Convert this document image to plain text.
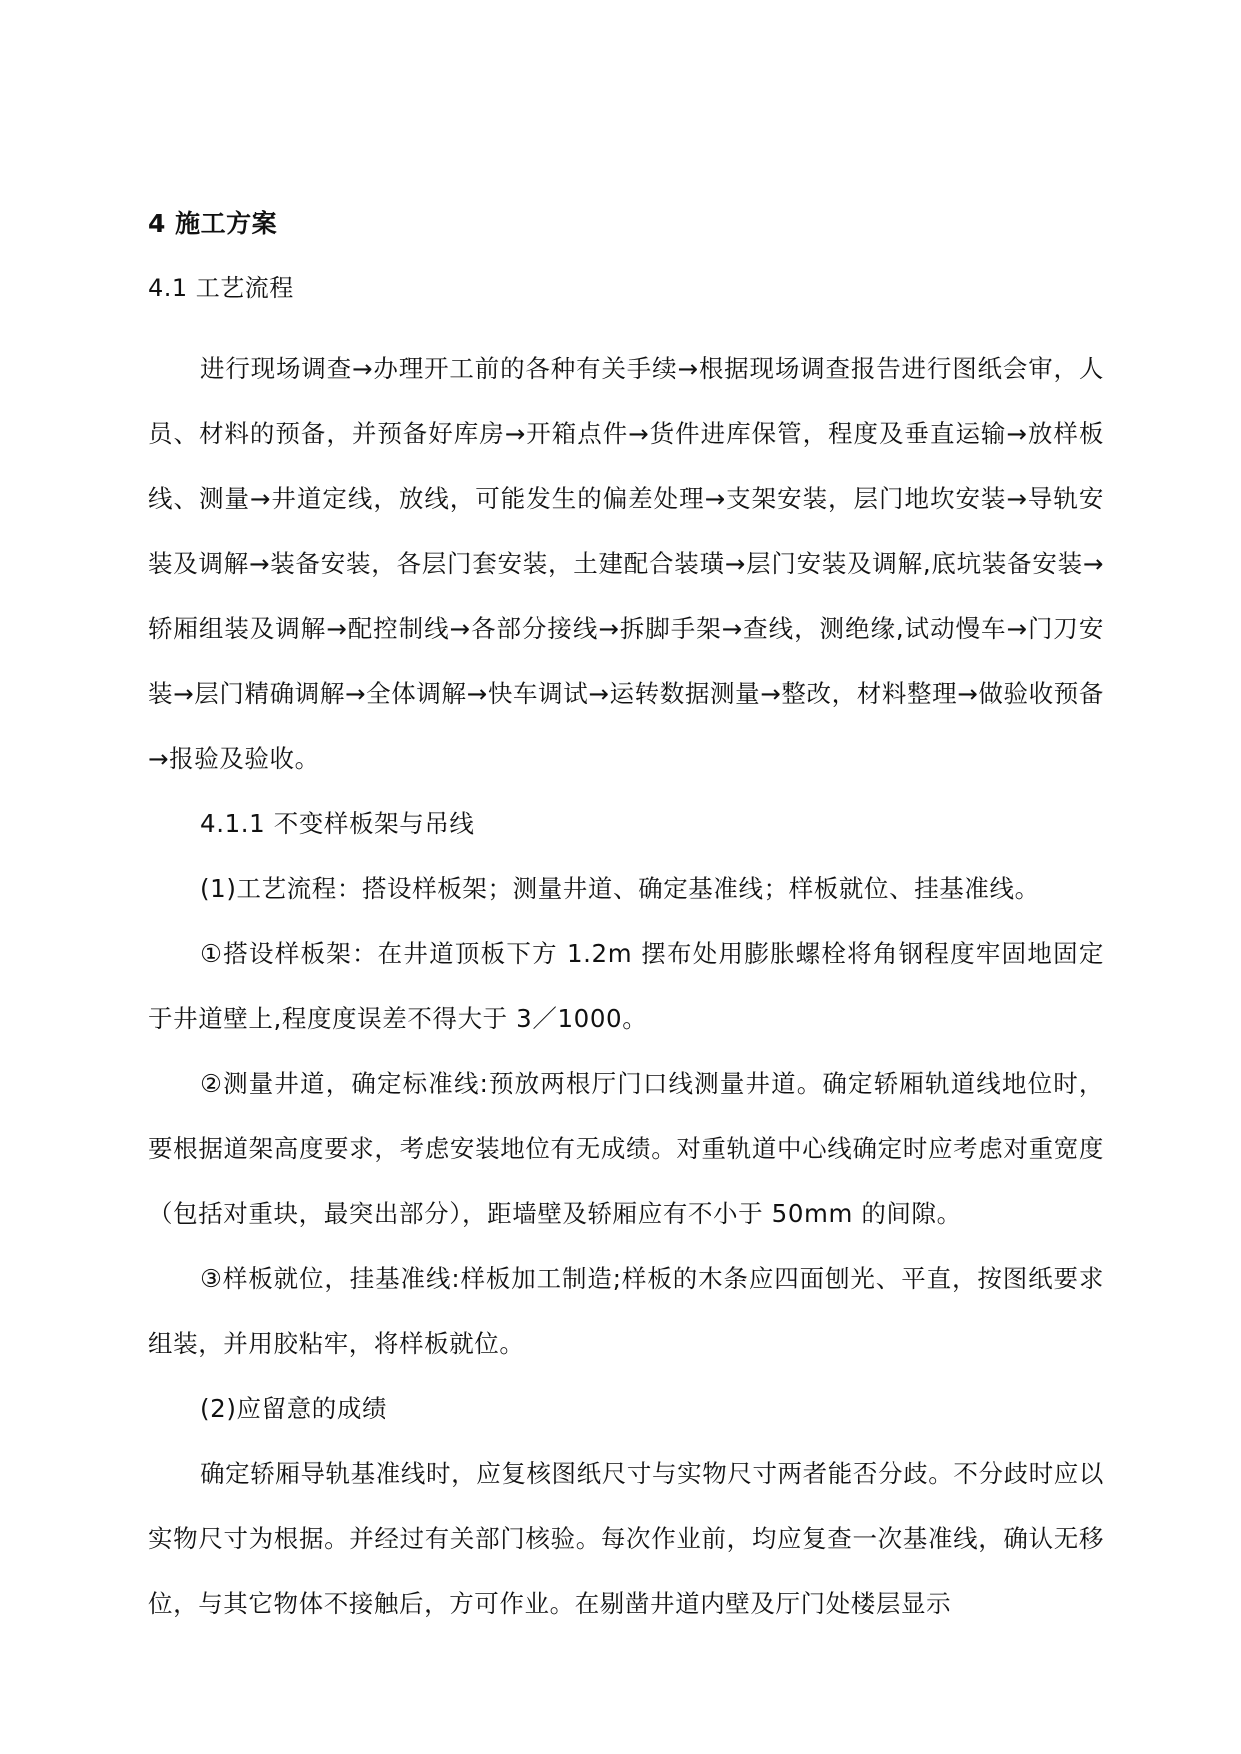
4 施工方案
4.1 工艺流程

进行现场调查→办理开工前的各种有关手续→根据现场调查报告进行图纸会审，人员、材料的预备，并预备好库房→开箱点件→货件进库保管，程度及垂直运输→放样板线、测量→井道定线，放线，可能发生的偏差处理→支架安装，层门地坎安装→导轨安装及调解→装备安装，各层门套安装，土建配合装璜→层门安装及调解,底坑装备安装→轿厢组装及调解→配控制线→各部分接线→拆脚手架→查线，测绝缘,试动慢车→门刀安装→层门精确调解→全体调解→快车调试→运转数据测量→整改，材料整理→做验收预备→报验及验收。

4.1.1 不变样板架与吊线

(1)工艺流程：搭设样板架；测量井道、确定基准线；样板就位、挂基准线。

①搭设样板架：在井道顶板下方 1.2m 摆布处用膨胀螺栓将角钢程度牢固地固定于井道壁上,程度度误差不得大于 3／1000。

②测量井道，确定标准线:预放两根厅门口线测量井道。确定轿厢轨道线地位时，要根据道架高度要求，考虑安装地位有无成绩。对重轨道中心线确定时应考虑对重宽度（包括对重块，最突出部分），距墙壁及轿厢应有不小于 50mm 的间隙。

③样板就位，挂基准线:样板加工制造;样板的木条应四面刨光、平直，按图纸要求组装，并用胶粘牢，将样板就位。

(2)应留意的成绩

确定轿厢导轨基准线时，应复核图纸尺寸与实物尺寸两者能否分歧。不分歧时应以实物尺寸为根据。并经过有关部门核验。每次作业前，均应复查一次基准线，确认无移位，与其它物体不接触后，方可作业。在剔凿井道内壁及厅门处楼层显示
